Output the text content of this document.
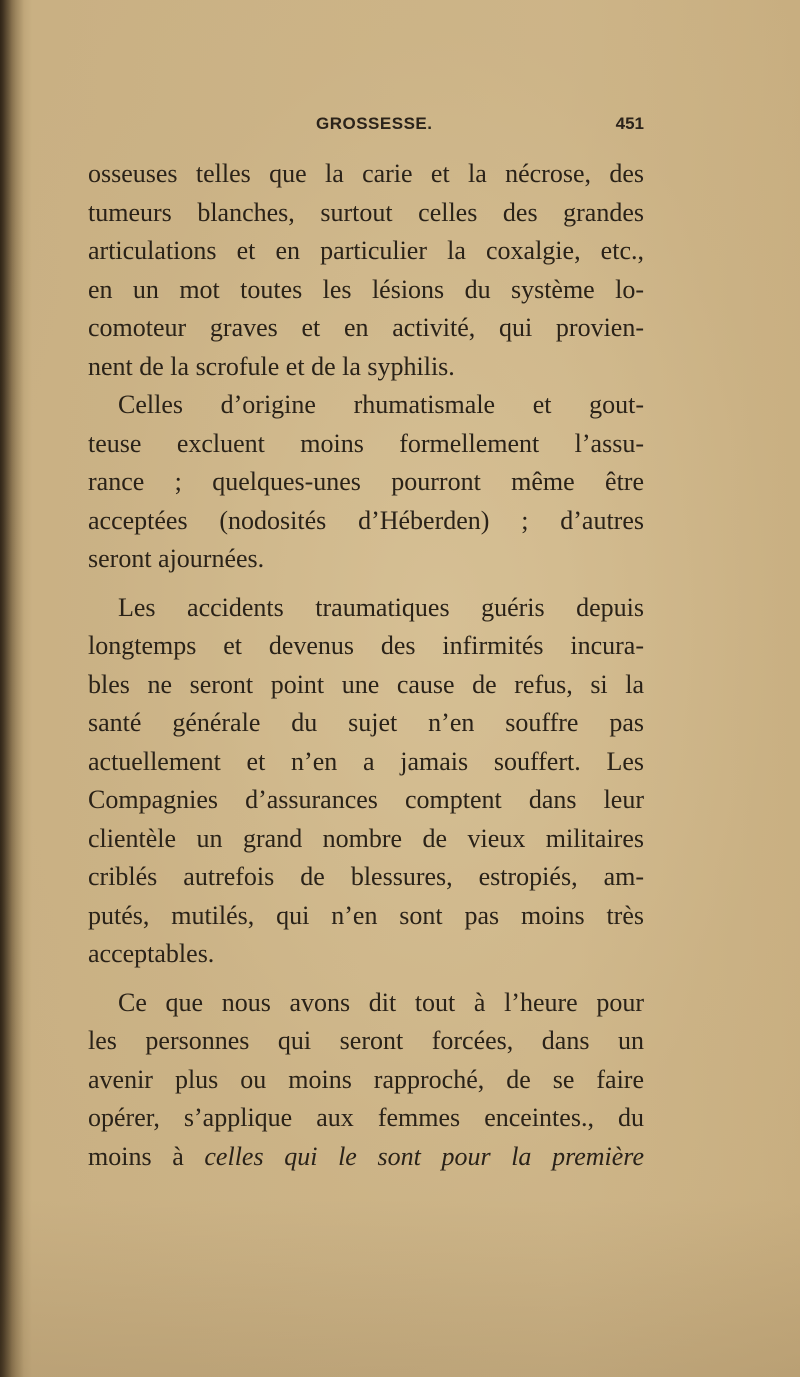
GROSSESSE.	451
osseuses telles que la carie et la nécrose, des
tumeurs blanches, surtout celles des grandes
articulations et en particulier la coxalgie, etc.,
en un mot toutes les lésions du système lo-
comoteur graves et en activité, qui provien-
nent de la scrofule et de la syphilis.
Celles d’origine rhumatismale et gout-
teuse excluent moins formellement l’assu-
rance ; quelques-unes pourront même être
acceptées (nodosités d’Héberden) ; d’autres
seront ajournées.
Les accidents traumatiques guéris depuis
longtemps et devenus des infirmités incura-
bles ne seront point une cause de refus, si la
santé générale du sujet n’en souffre pas
actuellement et n’en a jamais souffert. Les
Compagnies d’assurances comptent dans leur
clientèle un grand nombre de vieux militaires
criblés autrefois de blessures, estropiés, am-
putés, mutilés, qui n’en sont pas moins très
acceptables.
Ce que nous avons dit tout à l’heure pour
les personnes qui seront forcées, dans un
avenir plus ou moins rapproché, de se faire
opérer, s’applique aux femmes enceintes., du
moins à celles qui le sont pour la première
